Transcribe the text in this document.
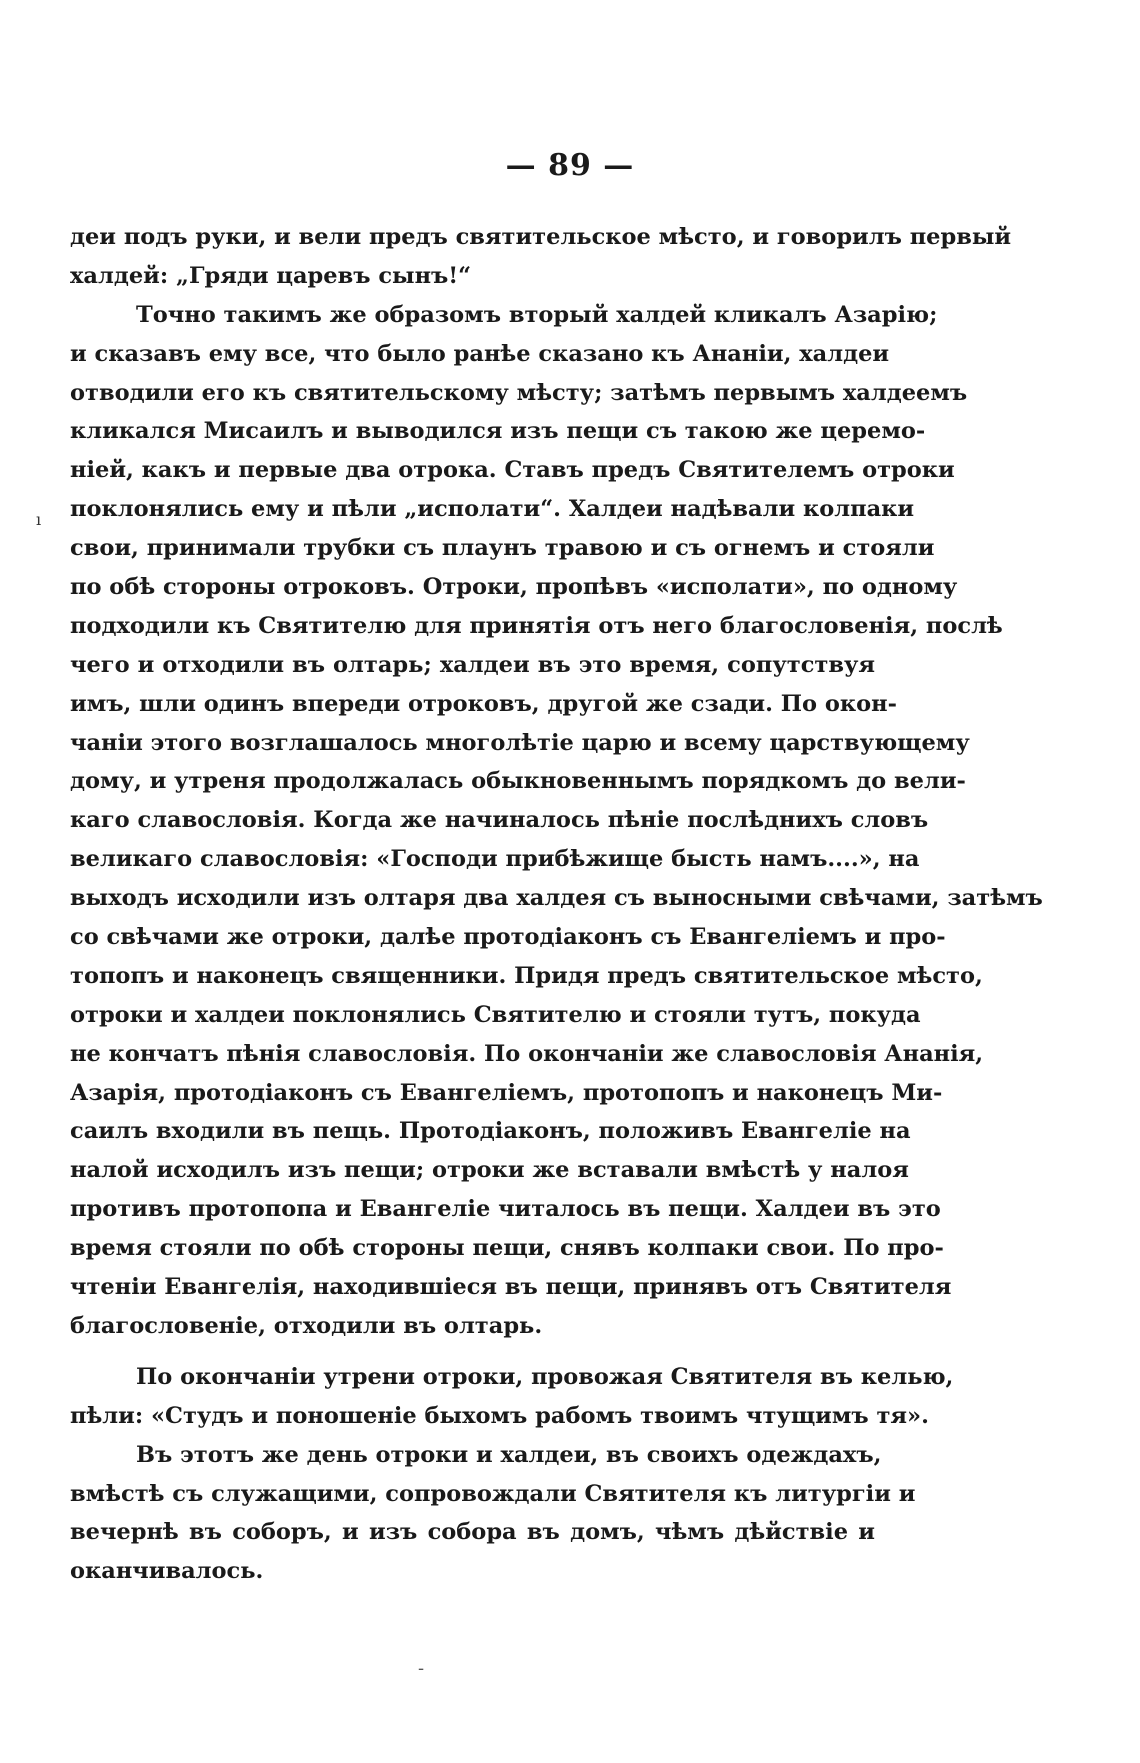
— 89 —
ı
деи подъ руки, и вели предъ святительское мѣсто, и говорилъ первый
халдей: „Гряди царевъ сынъ!“
Точно такимъ же образомъ вторый халдей кликалъ Азарію;
и сказавъ ему все, что было ранѣе сказано къ Ананіи, халдеи
отводили его къ святительскому мѣсту; затѣмъ первымъ халдеемъ
кликался Мисаилъ и выводился изъ пещи съ такою же церемо-
ніей, какъ и первые два отрока. Ставъ предъ Святителемъ отроки
поклонялись ему и пѣли „исполати“. Халдеи надѣвали колпаки
свои, принимали трубки съ плаунъ травою и съ огнемъ и стояли
по обѣ стороны отроковъ. Отроки, пропѣвъ «исполати», по одному
подходили къ Святителю для принятія отъ него благословенія, послѣ
чего и отходили въ олтарь; халдеи въ это время, сопутствуя
имъ, шли одинъ впереди отроковъ, другой же сзади. По окон-
чаніи этого возглашалось многолѣтіе царю и всему царствующему
дому, и утреня продолжалась обыкновеннымъ порядкомъ до вели-
каго славословія. Когда же начиналось пѣніе послѣднихъ словъ
великаго славословія: «Господи прибѣжище бысть намъ....», на
выходъ исходили изъ олтаря два халдея съ выносными свѣчами, затѣмъ
со свѣчами же отроки, далѣе протодіаконъ съ Евангеліемъ и про-
топопъ и наконецъ священники. Придя предъ святительское мѣсто,
отроки и халдеи поклонялись Святителю и стояли тутъ, покуда
не кончатъ пѣнія славословія. По окончаніи же славословія Ананія,
Азарія, протодіаконъ съ Евангеліемъ, протопопъ и наконецъ Ми-
саилъ входили въ пещь. Протодіаконъ, положивъ Евангеліе на
налой исходилъ изъ пещи; отроки же вставали вмѣстѣ у налоя
противъ протопопа и Евангеліе читалось въ пещи. Халдеи въ это
время стояли по обѣ стороны пещи, снявъ колпаки свои. По про-
чтеніи Евангелія, находившіеся въ пещи, принявъ отъ Святителя
благословеніе, отходили въ олтарь.
По окончаніи утрени отроки, провожая Святителя въ келью,
пѣли: «Студъ и поношеніе быхомъ рабомъ твоимъ чтущимъ тя».
Въ этотъ же день отроки и халдеи, въ своихъ одеждахъ,
вмѣстѣ съ служащими, сопровождали Святителя къ литургіи и
вечернѣ въ соборъ, и изъ собора въ домъ, чѣмъ дѣйствіе и оканчивалось.
-
